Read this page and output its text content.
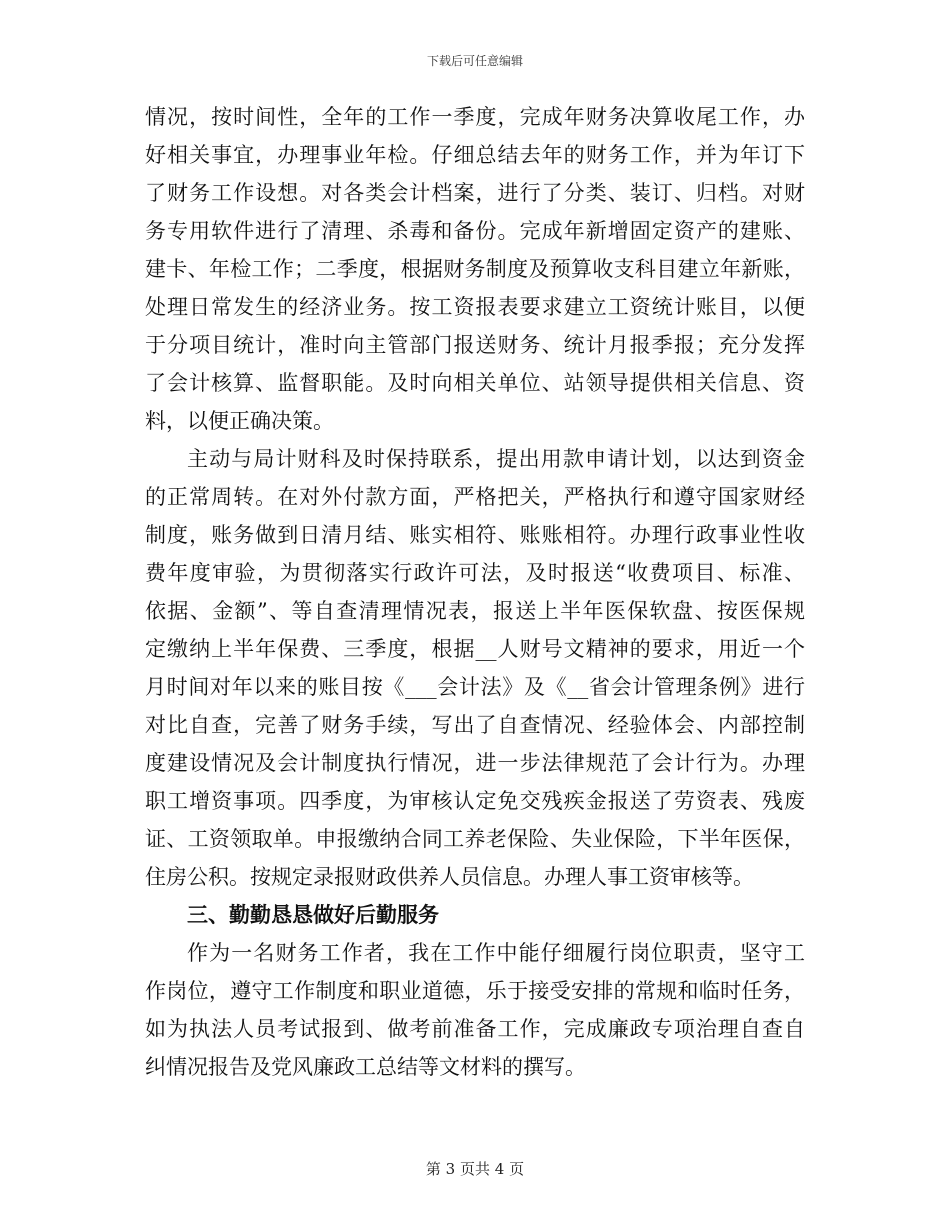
下载后可任意编辑
情况，按时间性，全年的工作一季度，完成年财务决算收尾工作，办
好相关事宜，办理事业年检。仔细总结去年的财务工作，并为年订下
了财务工作设想。对各类会计档案，进行了分类、装订、归档。对财
务专用软件进行了清理、杀毒和备份。完成年新增固定资产的建账、
建卡、年检工作；二季度，根据财务制度及预算收支科目建立年新账，
处理日常发生的经济业务。按工资报表要求建立工资统计账目，以便
于分项目统计，准时向主管部门报送财务、统计月报季报；充分发挥
了会计核算、监督职能。及时向相关单位、站领导提供相关信息、资
料，以便正确决策。
主动与局计财科及时保持联系，提出用款申请计划，以达到资金
的正常周转。在对外付款方面，严格把关，严格执行和遵守国家财经
制度，账务做到日清月结、账实相符、账账相符。办理行政事业性收
费年度审验，为贯彻落实行政许可法，及时报送“收费项目、标准、
依据、金额”、等自查清理情况表，报送上半年医保软盘、按医保规
定缴纳上半年保费、三季度，根据__人财号文精神的要求，用近一个
月时间对年以来的账目按《___会计法》及《__省会计管理条例》进行
对比自查，完善了财务手续，写出了自查情况、经验体会、内部控制
度建设情况及会计制度执行情况，进一步法律规范了会计行为。办理
职工增资事项。四季度，为审核认定免交残疾金报送了劳资表、残废
证、工资领取单。申报缴纳合同工养老保险、失业保险，下半年医保，
住房公积。按规定录报财政供养人员信息。办理人事工资审核等。
三、勤勤恳恳做好后勤服务
作为一名财务工作者，我在工作中能仔细履行岗位职责，坚守工
作岗位，遵守工作制度和职业道德，乐于接受安排的常规和临时任务，
如为执法人员考试报到、做考前准备工作，完成廉政专项治理自查自
纠情况报告及党风廉政工总结等文材料的撰写。
第 3 页共 4 页
